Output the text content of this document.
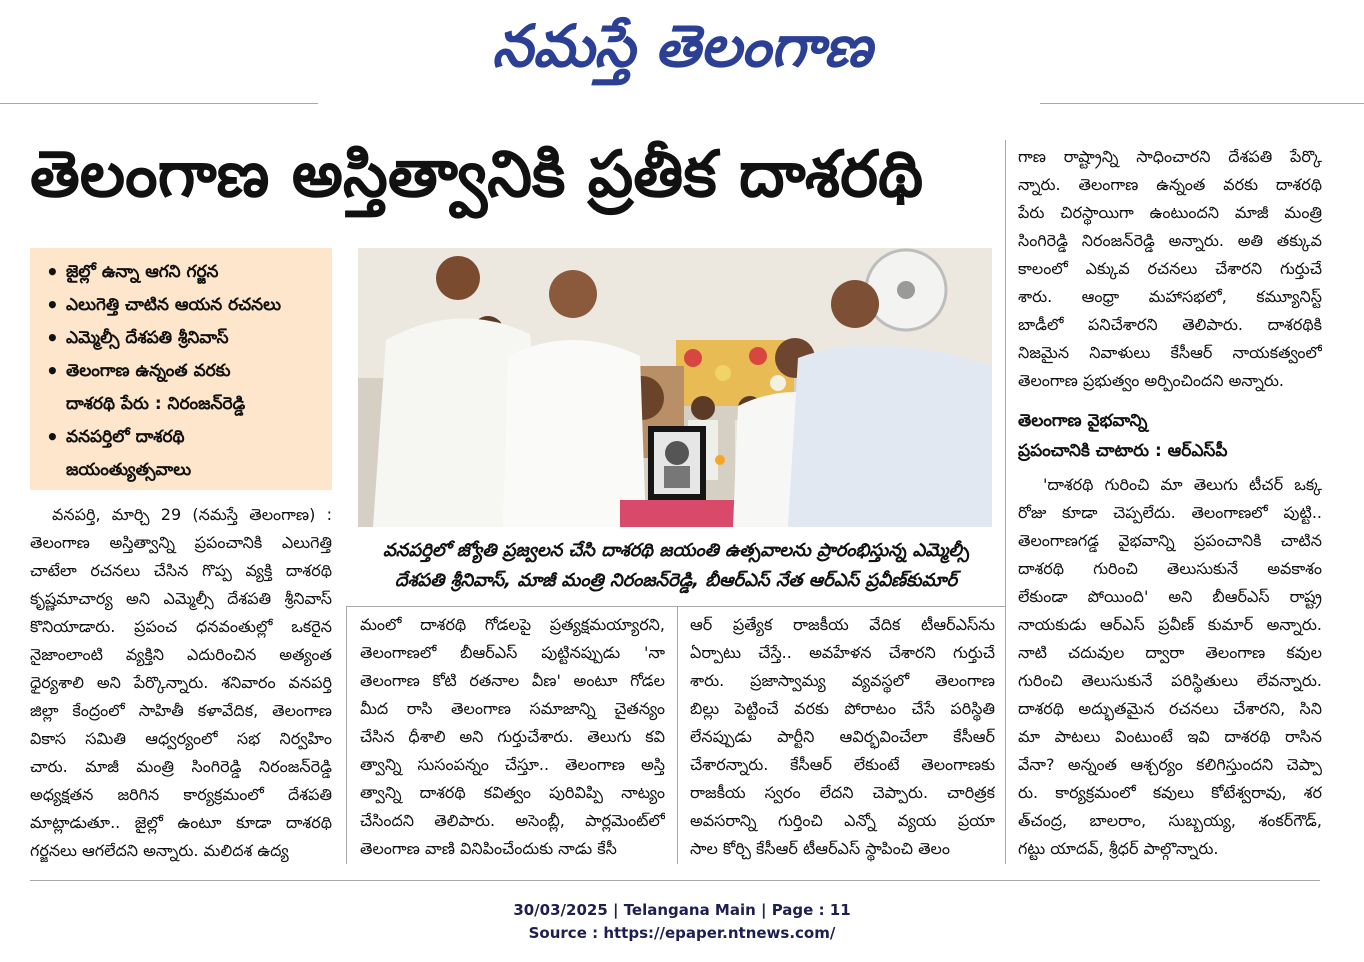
నమస్తే తెలంగాణ
తెలంగాణ అస్తిత్వానికి ప్రతీక దాశరథి
• జైల్లో ఉన్నా ఆగని గర్జన
• ఎలుగెత్తి చాటిన ఆయన రచనలు
• ఎమ్మెల్సీ దేశపతి శ్రీనివాస్
• తెలంగాణ ఉన్నంత వరకు
దాశరథి పేరు : నిరంజన్‌రెడ్డి
• వనపర్తిలో దాశరథి
జయంత్యుత్సవాలు
వనపర్తిలో జ్యోతి ప్రజ్వలన చేసి దాశరథి జయంతి ఉత్సవాలను ప్రారంభిస్తున్న ఎమ్మెల్సీ
దేశపతి శ్రీనివాస్, మాజీ మంత్రి నిరంజన్‌రెడ్డి, బీఆర్‌ఎస్ నేత ఆర్‌ఎస్ ప్రవీణ్‌కుమార్
వనపర్తి, మార్చి 29 (నమస్తే తెలంగాణ) :
తెలంగాణ అస్తిత్వాన్ని ప్రపంచానికి ఎలుగెత్తి
చాటేలా రచనలు చేసిన గొప్ప వ్యక్తి దాశరథి
కృష్ణమాచార్య అని ఎమ్మెల్సీ దేశపతి శ్రీనివాస్
కొనియాడారు. ప్రపంచ ధనవంతుల్లో ఒకరైన
నైజాంలాంటి వ్యక్తిని ఎదురించిన అత్యంత
ధైర్యశాలి అని పేర్కొన్నారు. శనివారం వనపర్తి
జిల్లా కేంద్రంలో సాహితీ కళావేదిక, తెలంగాణ
వికాస సమితి ఆధ్వర్యంలో సభ నిర్వహిం
చారు. మాజీ మంత్రి సింగిరెడ్డి నిరంజన్‌రెడ్డి
అధ్యక్షతన జరిగిన కార్యక్రమంలో దేశపతి
మాట్లాడుతూ.. జైల్లో ఉంటూ కూడా దాశరథి
గర్జనలు ఆగలేదని అన్నారు. మలిదశ ఉద్య
మంలో దాశరథి గోడలపై ప్రత్యక్షమయ్యారని,
తెలంగాణలో బీఆర్‌ఎస్ పుట్టినప్పుడు 'నా
తెలంగాణ కోటి రతనాల వీణ' అంటూ గోడల
మీద రాసి తెలంగాణ సమాజాన్ని చైతన్యం
చేసిన ధీశాలి అని గుర్తుచేశారు. తెలుగు కవి
త్వాన్ని సుసంపన్నం చేస్తూ.. తెలంగాణ అస్తి
త్వాన్ని దాశరథి కవిత్వం పురివిప్పి నాట్యం
చేసిందని తెలిపారు. అసెంబ్లీ, పార్లమెంట్‌లో
తెలంగాణ వాణి వినిపించేందుకు నాడు కేసీ
ఆర్ ప్రత్యేక రాజకీయ వేదిక టీఆర్‌ఎస్‌ను
ఏర్పాటు చేస్తే.. అవహేళన చేశారని గుర్తుచే
శారు. ప్రజాస్వామ్య వ్యవస్థలో తెలంగాణ
బిల్లు పెట్టించే వరకు పోరాటం చేసే పరిస్థితి
లేనప్పుడు పార్టీని ఆవిర్భవించేలా కేసీఆర్
చేశారన్నారు. కేసీఆర్ లేకుంటే తెలంగాణకు
రాజకీయ స్వరం లేదని చెప్పారు. చారిత్రక
అవసరాన్ని గుర్తించి ఎన్నో వ్యయ ప్రయా
సాల కోర్చి కేసీఆర్ టీఆర్‌ఎస్ స్థాపించి తెలం
గాణ రాష్ట్రాన్ని సాధించారని దేశపతి పేర్కొ
న్నారు. తెలంగాణ ఉన్నంత వరకు దాశరథి
పేరు చిరస్థాయిగా ఉంటుందని మాజీ మంత్రి
సింగిరెడ్డి నిరంజన్‌రెడ్డి అన్నారు. అతి తక్కువ
కాలంలో ఎక్కువ రచనలు చేశారని గుర్తుచే
శారు. ఆంధ్రా మహాసభలో, కమ్యూనిస్ట్
బాడీలో పనిచేశారని తెలిపారు. దాశరథికి
నిజమైన నివాళులు కేసీఆర్ నాయకత్వంలో
తెలంగాణ ప్రభుత్వం అర్పించిందని అన్నారు.
తెలంగాణ వైభవాన్ని
ప్రపంచానికి చాటారు : ఆర్‌ఎస్‌పీ
'దాశరథి గురించి మా తెలుగు టీచర్ ఒక్క
రోజు కూడా చెప్పలేదు. తెలంగాణలో పుట్టి..
తెలంగాణగడ్డ వైభవాన్ని ప్రపంచానికి చాటిన
దాశరథి గురించి తెలుసుకునే అవకాశం
లేకుండా పోయింది' అని బీఆర్‌ఎస్ రాష్ట్ర
నాయకుడు ఆర్‌ఎస్ ప్రవీణ్ కుమార్ అన్నారు.
నాటి చదువుల ద్వారా తెలంగాణ కవుల
గురించి తెలుసుకునే పరిస్థితులు లేవన్నారు.
దాశరథి అద్భుతమైన రచనలు చేశారని, సిని
మా పాటలు వింటుంటే ఇవి దాశరథి రాసిన
వేనా? అన్నంత ఆశ్చర్యం కలిగిస్తుందని చెప్పా
రు. కార్యక్రమంలో కవులు కోటేశ్వరావు, శర
త్‌చంద్ర, బాలరాం, సుబ్బయ్య, శంకర్‌గౌడ్,
గట్టు యాదవ్, శ్రీధర్ పాల్గొన్నారు.
30/03/2025 | Telangana Main | Page : 11
Source : https://epaper.ntnews.com/
